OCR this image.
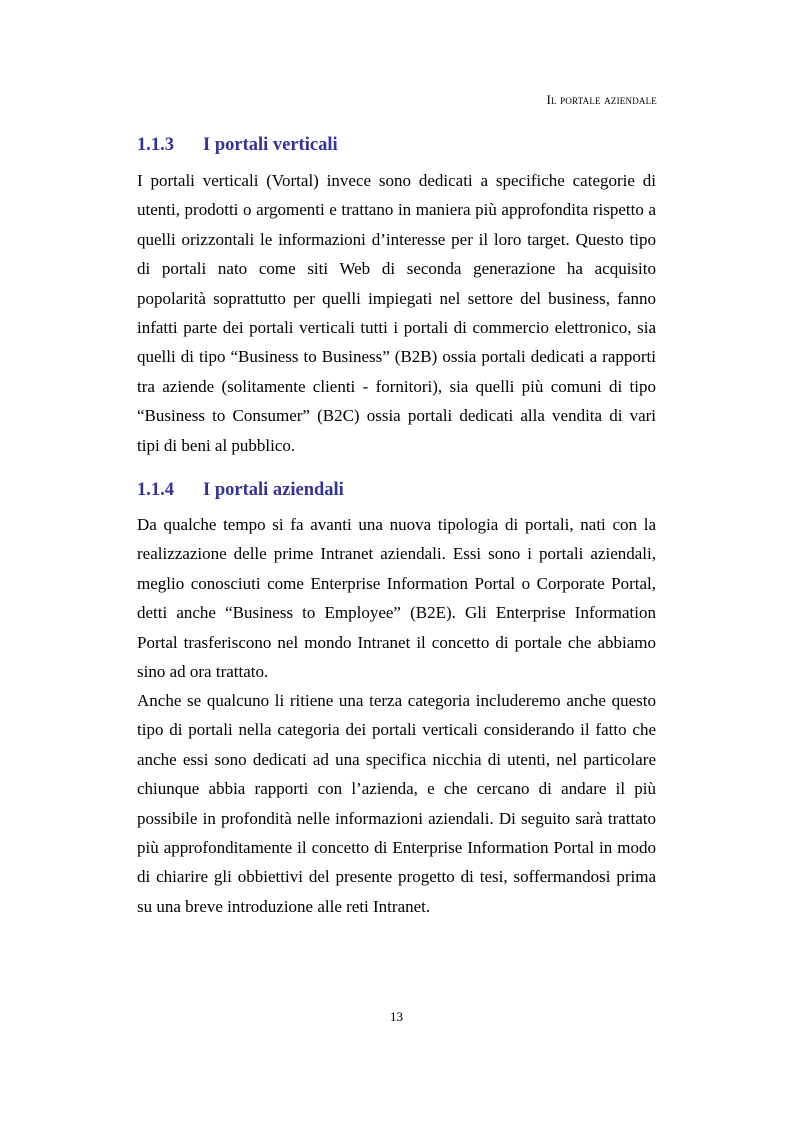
Il portale aziendale
1.1.3 I portali verticali
I portali verticali (Vortal) invece sono dedicati a specifiche categorie di
utenti, prodotti o argomenti e trattano in maniera più approfondita rispetto a
quelli orizzontali le informazioni d’interesse per il loro target. Questo tipo
di portali nato come siti Web di seconda generazione ha acquisito
popolarità soprattutto per quelli impiegati nel settore del business, fanno
infatti parte dei portali verticali tutti i portali di commercio elettronico, sia
quelli di tipo “Business to Business” (B2B) ossia portali dedicati a rapporti
tra aziende (solitamente clienti - fornitori), sia quelli più comuni di tipo
“Business to Consumer” (B2C) ossia portali dedicati alla vendita di vari
tipi di beni al pubblico.
1.1.4 I portali aziendali
Da qualche tempo si fa avanti una nuova tipologia di portali, nati con la
realizzazione delle prime Intranet aziendali. Essi sono i portali aziendali,
meglio conosciuti come Enterprise Information Portal o Corporate Portal,
detti anche “Business to Employee” (B2E). Gli Enterprise Information
Portal trasferiscono nel mondo Intranet il concetto di portale che abbiamo
sino ad ora trattato.
Anche se qualcuno li ritiene una terza categoria includeremo anche questo
tipo di portali nella categoria dei portali verticali considerando il fatto che
anche essi sono dedicati ad una specifica nicchia di utenti, nel particolare
chiunque abbia rapporti con l’azienda, e che cercano di andare il più
possibile in profondità nelle informazioni aziendali. Di seguito sarà trattato
più approfonditamente il concetto di Enterprise Information Portal in modo
di chiarire gli obbiettivi del presente progetto di tesi, soffermandosi prima
su una breve introduzione alle reti Intranet.
13
